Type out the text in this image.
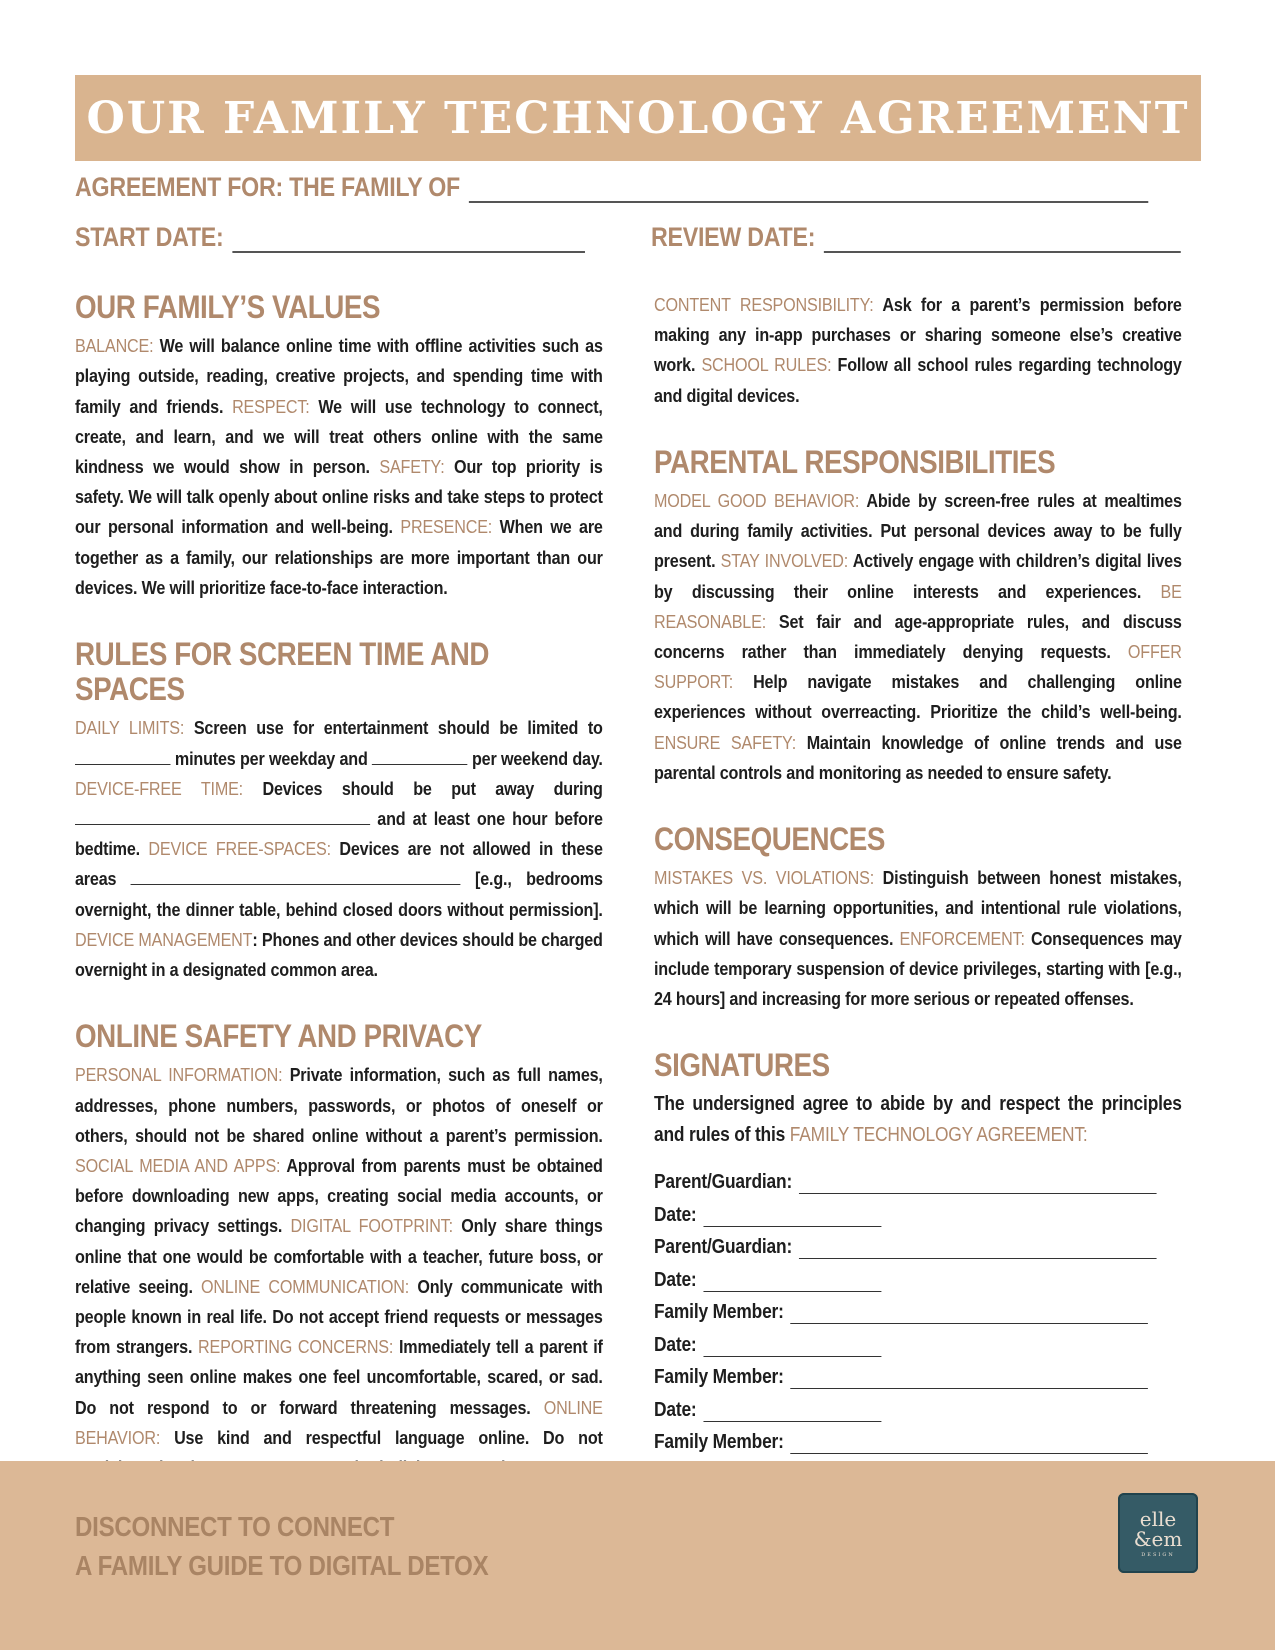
OUR FAMILY TECHNOLOGY AGREEMENT
AGREEMENT FOR: THE FAMILY OF
START DATE:	REVIEW DATE:
OUR FAMILY’S VALUES

BALANCE: We will balance online time with offline activities such as playing outside, reading, creative projects, and spending time with family and friends. RESPECT: We will use technology to connect, create, and learn, and we will treat others online with the same kindness we would show in person. SAFETY: Our top priority is safety. We will talk openly about online risks and take steps to protect our personal information and well-being. PRESENCE: When we are together as a family, our relationships are more important than our devices. We will prioritize face-to-face interaction.

RULES FOR SCREEN TIME AND SPACES

DAILY LIMITS: Screen use for entertainment should be limited to  minutes per weekday and	per weekend day. DEVICE-FREE TIME: Devices should be put away during  and at least one hour before bedtime. DEVICE FREE-SPACES: Devices are not allowed in these areas	[e.g., bedrooms overnight, the dinner table, behind closed doors without permission]. DEVICE MANAGEMENT: Phones and other devices should be charged overnight in a designated common area.

ONLINE SAFETY AND PRIVACY

PERSONAL INFORMATION: Private information, such as full names, addresses, phone numbers, passwords, or photos of oneself or others, should not be shared online without a parent’s permission. SOCIAL MEDIA AND APPS: Approval from parents must be obtained before downloading new apps, creating social media accounts, or changing privacy settings. DIGITAL FOOTPRINT: Only share things online that one would be comfortable with a teacher, future boss, or relative seeing. ONLINE COMMUNICATION: Only communicate with people known in real life. Do not accept friend requests or messages from strangers. REPORTING CONCERNS: Immediately tell a parent if anything seen online makes one feel uncomfortable, scared, or sad. Do not respond to or forward threatening messages. ONLINE BEHAVIOR: Use kind and respectful language online. Do not

CONTENT RESPONSIBILITY: Ask for a parent’s permission before making any in-app purchases or sharing someone else’s creative work. SCHOOL RULES: Follow all school rules regarding technology and digital devices.

PARENTAL RESPONSIBILITIES

MODEL GOOD BEHAVIOR: Abide by screen-free rules at mealtimes and during family activities. Put personal devices away to be fully present. STAY INVOLVED: Actively engage with children’s digital lives by discussing their online interests and experiences. BE REASONABLE: Set fair and age-appropriate rules, and discuss concerns rather than immediately denying requests. OFFER SUPPORT: Help navigate mistakes and challenging online experiences without overreacting. Prioritize the child’s well-being. ENSURE SAFETY: Maintain knowledge of online trends and use parental controls and monitoring as needed to ensure safety.

CONSEQUENCES

MISTAKES VS. VIOLATIONS: Distinguish between honest mistakes, which will be learning opportunities, and intentional rule violations, which will have consequences. ENFORCEMENT: Consequences may include temporary suspension of device privileges, starting with [e.g., 24 hours] and increasing for more serious or repeated offenses.

SIGNATURES

The undersigned agree to abide by and respect the principles and rules of this FAMILY TECHNOLOGY AGREEMENT:

Parent/Guardian:
Date:
Parent/Guardian:
Date:
Family Member:
Date:
Family Member:
Date:
Family Member:
DISCONNECT TO CONNECT
A FAMILY GUIDE TO DIGITAL DETOX
elle
&em
DESIGN
